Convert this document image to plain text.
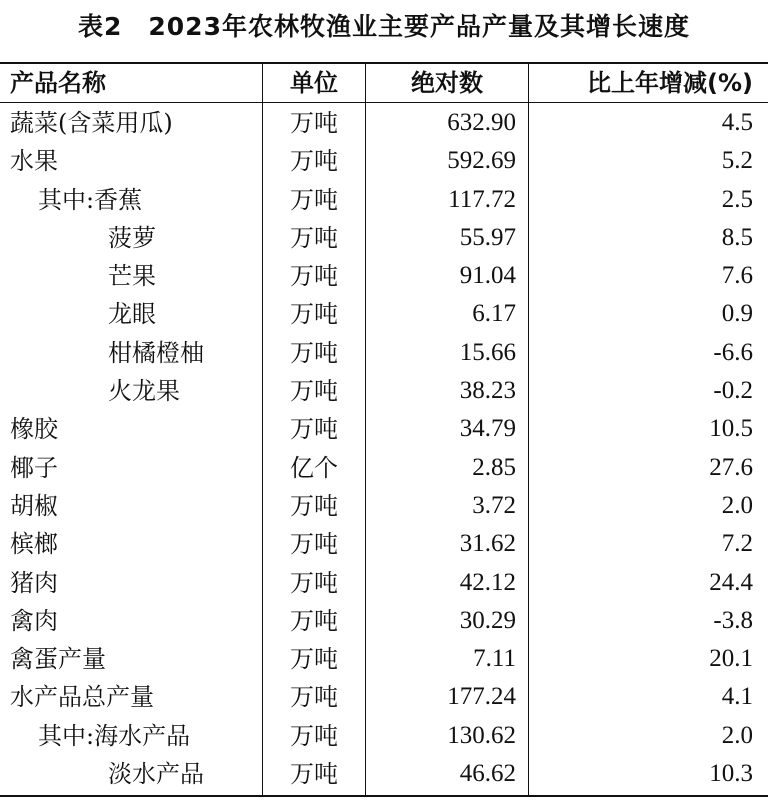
表2　2023年农林牧渔业主要产品产量及其增长速度
产品名称	单位	绝对数	比上年增减(%)
蔬菜(含菜用瓜)	万吨	632.90	4.5
水果	万吨	592.69	5.2
其中:香蕉	万吨	117.72	2.5
菠萝	万吨	55.97	8.5
芒果	万吨	91.04	7.6
龙眼	万吨	6.17	0.9
柑橘橙柚	万吨	15.66	-6.6
火龙果	万吨	38.23	-0.2
橡胶	万吨	34.79	10.5
椰子	亿个	2.85	27.6
胡椒	万吨	3.72	2.0
槟榔	万吨	31.62	7.2
猪肉	万吨	42.12	24.4
禽肉	万吨	30.29	-3.8
禽蛋产量	万吨	7.11	20.1
水产品总产量	万吨	177.24	4.1
其中:海水产品	万吨	130.62	2.0
淡水产品	万吨	46.62	10.3
